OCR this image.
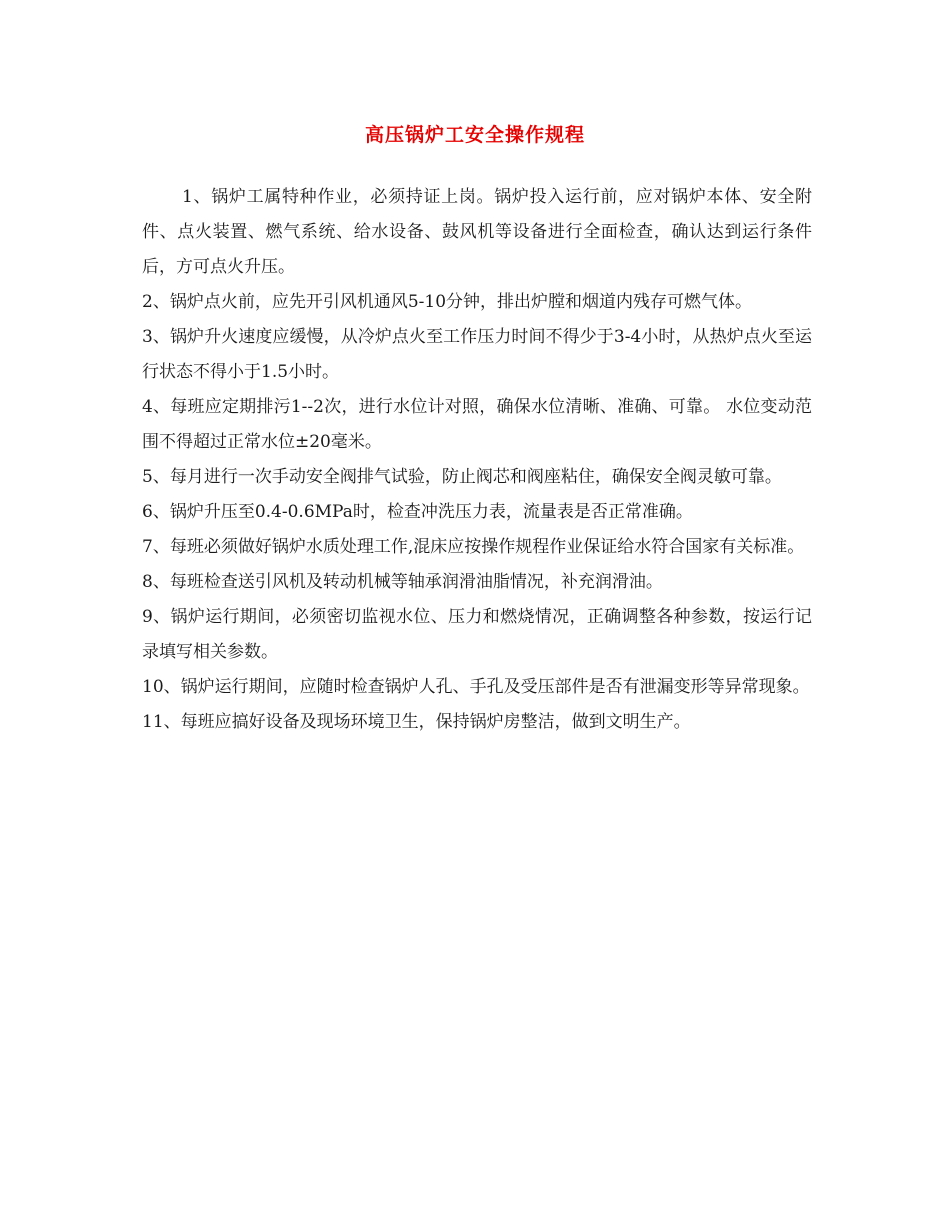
高压锅炉工安全操作规程

1、锅炉工属特种作业，必须持证上岗。锅炉投入运行前，应对锅炉本体、安全附件、点火装置、燃气系统、给水设备、鼓风机等设备进行全面检查，确认达到运行条件后，方可点火升压。

2、锅炉点火前，应先开引风机通风5-10分钟，排出炉膛和烟道内残存可燃气体。

3、锅炉升火速度应缓慢，从冷炉点火至工作压力时间不得少于3-4小时，从热炉点火至运行状态不得小于1.5小时。

4、每班应定期排污1--2次，进行水位计对照，确保水位清晰、准确、可靠。 水位变动范围不得超过正常水位±20毫米。

5、每月进行一次手动安全阀排气试验，防止阀芯和阀座粘住，确保安全阀灵敏可靠。

6、锅炉升压至0.4-0.6MPa时，检查冲洗压力表，流量表是否正常准确。

7、每班必须做好锅炉水质处理工作,混床应按操作规程作业保证给水符合国家有关标准。

8、每班检查送引风机及转动机械等轴承润滑油脂情况，补充润滑油。

9、锅炉运行期间，必须密切监视水位、压力和燃烧情况，正确调整各种参数，按运行记录填写相关参数。

10、锅炉运行期间，应随时检查锅炉人孔、手孔及受压部件是否有泄漏变形等异常现象。

11、每班应搞好设备及现场环境卫生，保持锅炉房整洁，做到文明生产。
